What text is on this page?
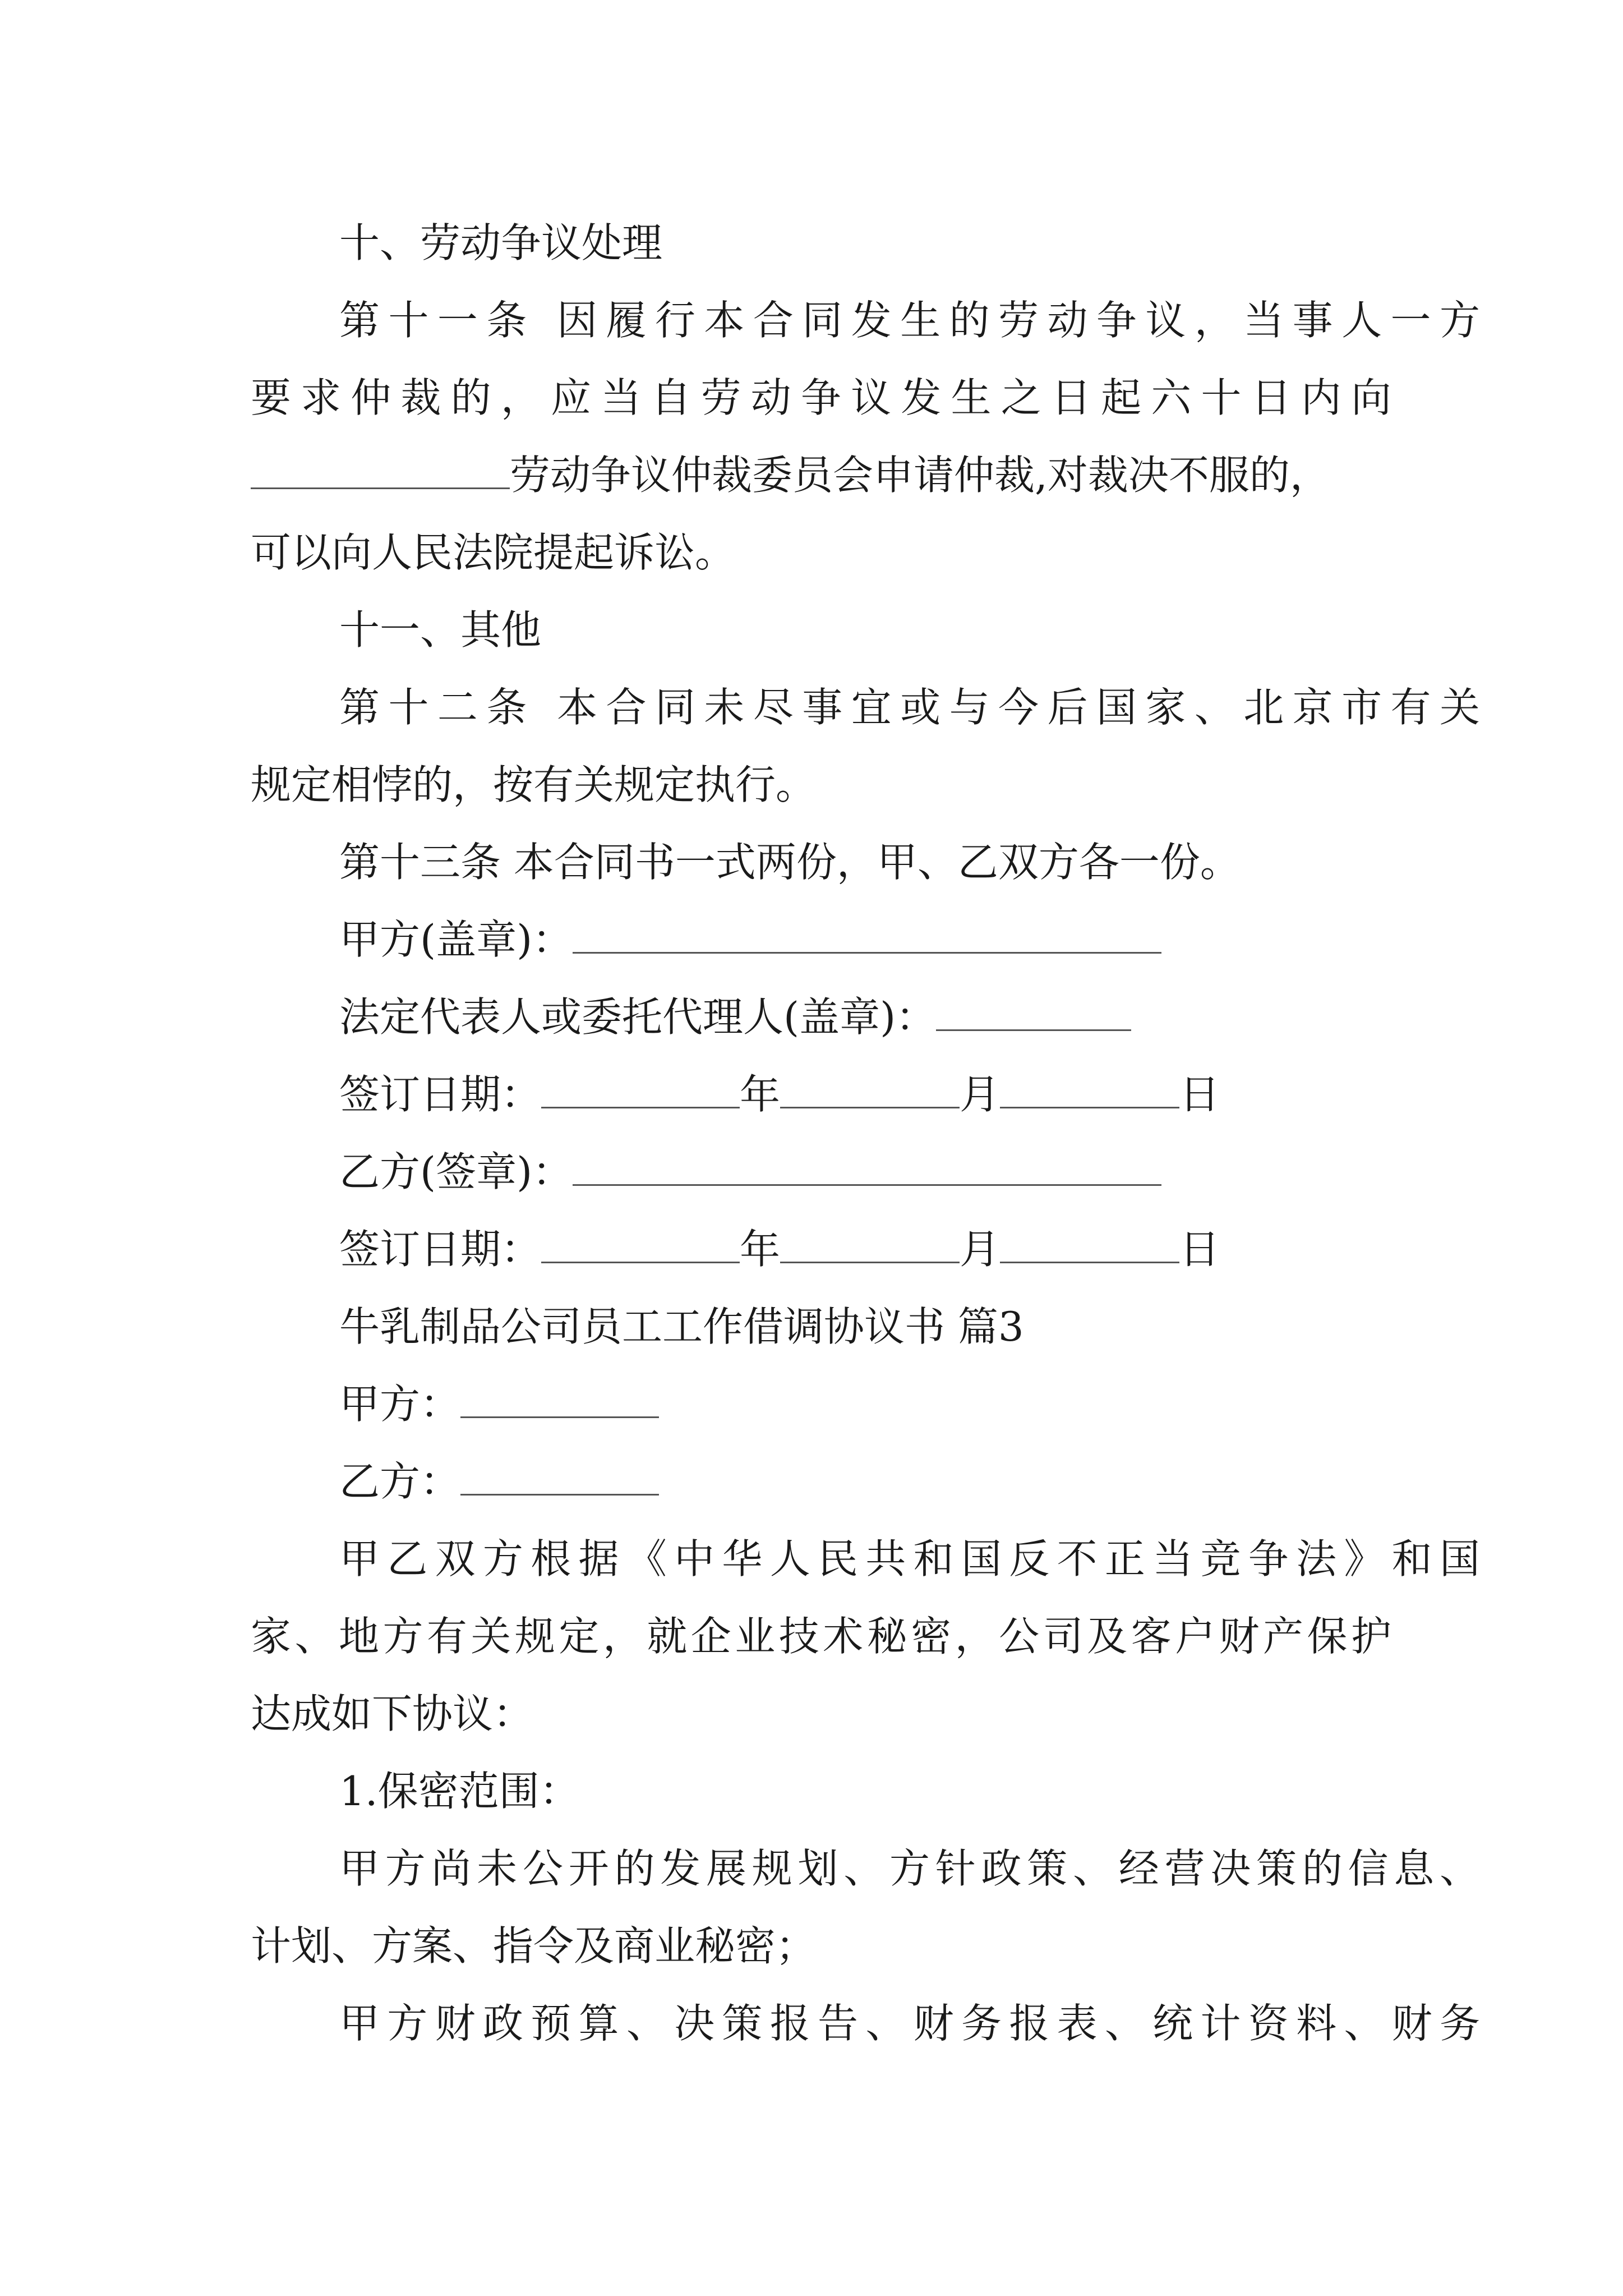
十、劳动争议处理
第十一条 因履行本合同发生的劳动争议，当事人一方
要求仲裁的，应当自劳动争议发生之日起六十日内向
劳动争议仲裁委员会申请仲裁,对裁决不服的，
可以向人民法院提起诉讼。
十一、其他
第十二条 本合同未尽事宜或与今后国家、北京市有关
规定相悖的，按有关规定执行。
第十三条 本合同书一式两份，甲、乙双方各一份。
甲方(盖章)：
法定代表人或委托代理人(盖章)：
签订日期：	年	月	日
乙方(签章)：
签订日期：	年	月	日
牛乳制品公司员工工作借调协议书 篇3
甲方：
乙方：
甲乙双方根据《中华人民共和国反不正当竞争法》和国
家、地方有关规定，就企业技术秘密，公司及客户财产保护
达成如下协议：
1.保密范围：
甲方尚未公开的发展规划、方针政策、经营决策的信息、
计划、方案、指令及商业秘密；
甲方财政预算、决策报告、财务报表、统计资料、财务
